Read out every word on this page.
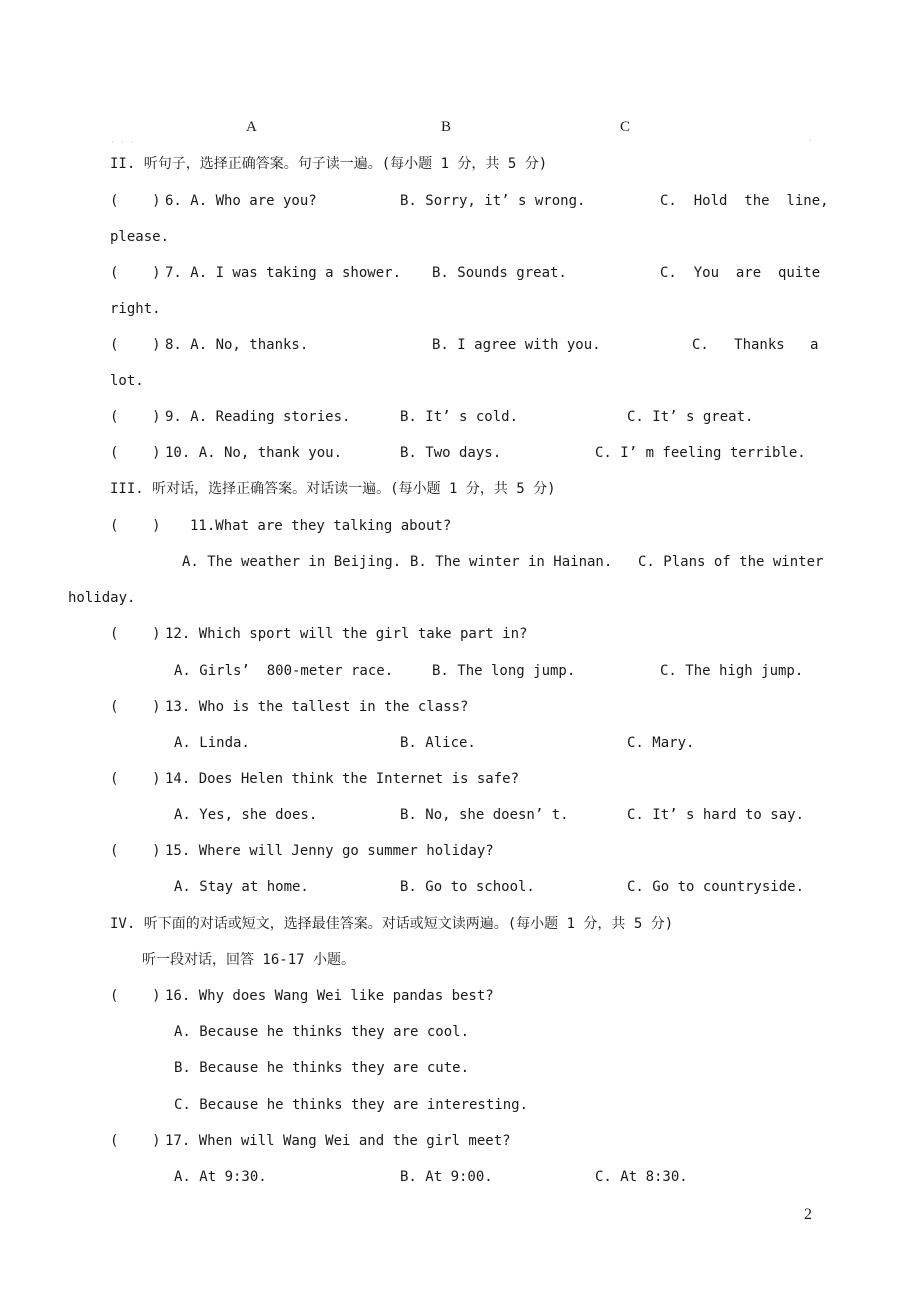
A	B	C
. . .	.
II. 听句子，选择正确答案。句子读一遍。(每小题 1 分，共 5 分)
(    ) 6. A. Who are you?	B. Sorry, it’ s wrong.	C.  Hold  the  line,
please.
(    ) 7. A. I was taking a shower. B. Sounds great.	C.  You  are  quite
right.
(    ) 8. A. No, thanks.	B. I agree with you.	C.   Thanks   a
lot.
(    ) 9. A. Reading stories.	B. It’ s cold.	C. It’ s great.
(    ) 10. A. No, thank you.	B. Two days.	C. I’ m feeling terrible.
III. 听对话，选择正确答案。对话读一遍。(每小题 1 分，共 5 分)
(    ) 11.What are they talking about?
A. The weather in Beijing. B. The winter in Hainan. C. Plans of the winter
holiday.
(    ) 12. Which sport will the girl take part in?
A. Girls’  800-meter race.	B. The long jump.	C. The high jump.
(    ) 13. Who is the tallest in the class?
A. Linda.	B. Alice.	C. Mary.
(    ) 14. Does Helen think the Internet is safe?
A. Yes, she does.	B. No, she doesn’ t.	C. It’ s hard to say.
(    ) 15. Where will Jenny go summer holiday?
A. Stay at home.	B. Go to school.	C. Go to countryside.
IV. 听下面的对话或短文，选择最佳答案。对话或短文读两遍。(每小题 1 分，共 5 分)
听一段对话，回答 16-17 小题。
(    ) 16. Why does Wang Wei like pandas best?
A. Because he thinks they are cool.
B. Because he thinks they are cute.
C. Because he thinks they are interesting.
(    ) 17. When will Wang Wei and the girl meet?
A. At 9:30.	B. At 9:00.	C. At 8:30.
2
